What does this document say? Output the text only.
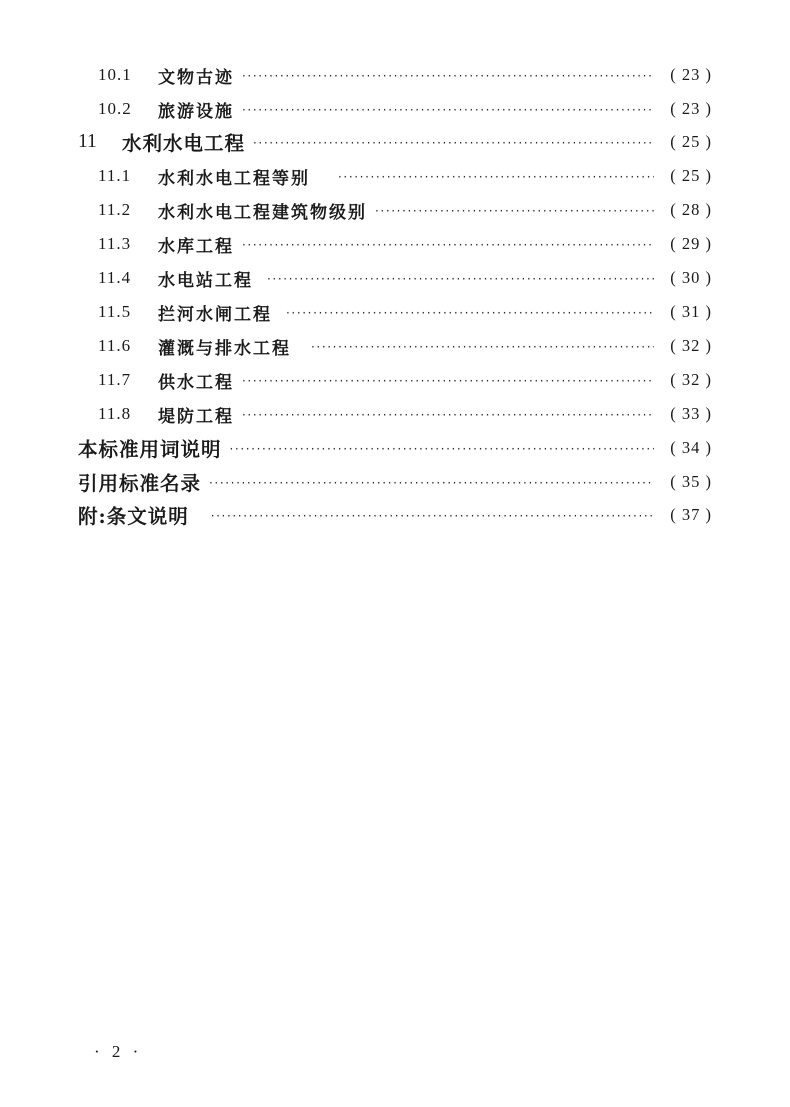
10.1	文物古迹 ·····	( 23 )
10.2	旅游设施 ·····	( 23 )
11	水利水电工程 ·····	( 25 )
11.1	水利水电工程等别 ·····	( 25 )
11.2	水利水电工程建筑物级别 ·····	( 28 )
11.3	水库工程 ·····	( 29 )
11.4	水电站工程 ·····	( 30 )
11.5	拦河水闸工程 ·····	( 31 )
11.6	灌溉与排水工程 ·····	( 32 )
11.7	供水工程 ·····	( 32 )
11.8	堤防工程 ·····	( 33 )
本标准用词说明 ·····	( 34 )
引用标准名录 ·····	( 35 )
附:条文说明 ·····	( 37 )
· 2 ·
